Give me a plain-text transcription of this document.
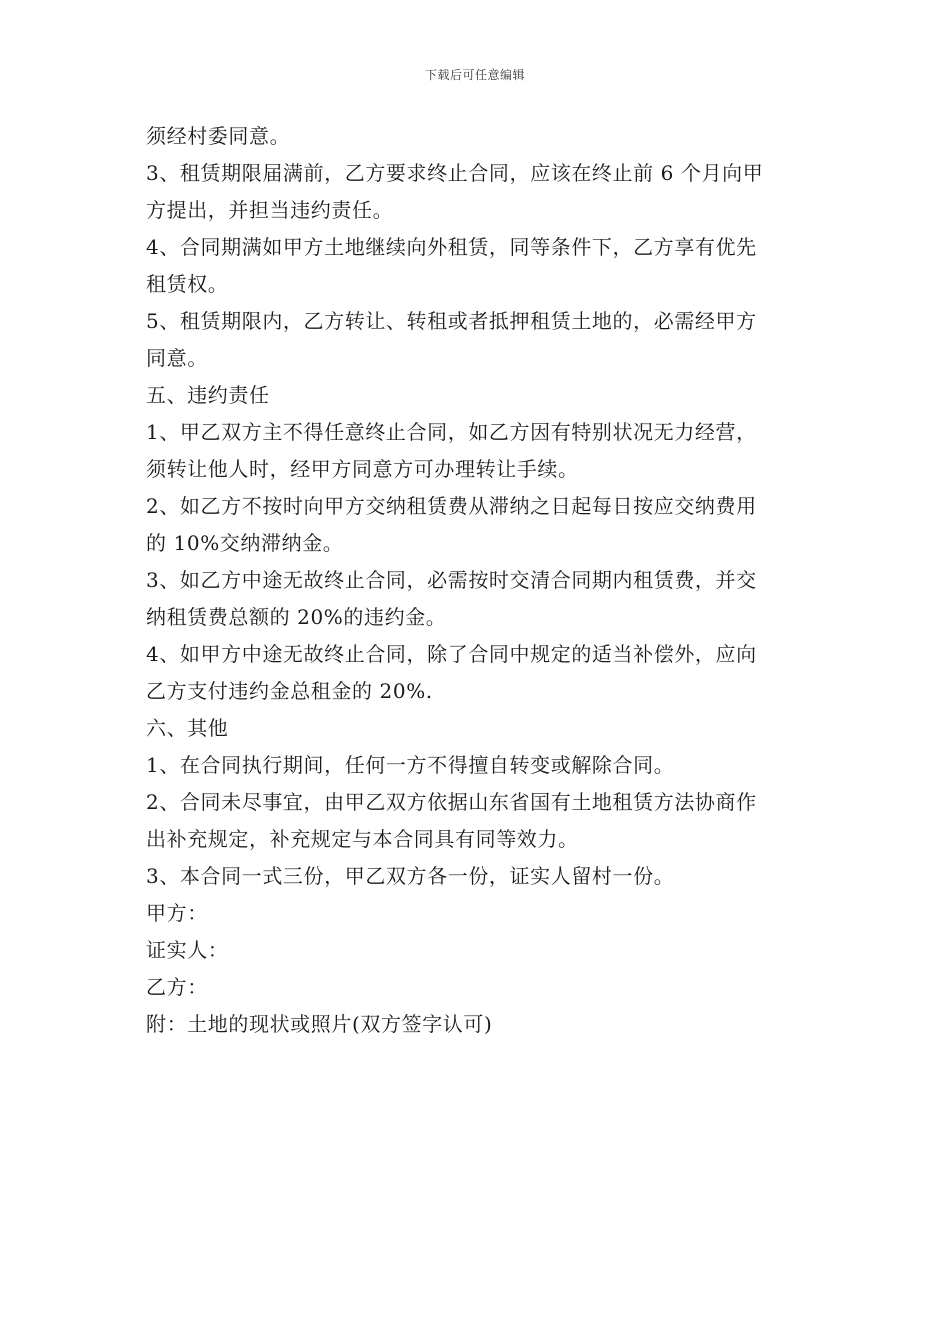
下载后可任意编辑
须经村委同意。
3、租赁期限届满前，乙方要求终止合同，应该在终止前 6 个月向甲
方提出，并担当违约责任。
4、合同期满如甲方土地继续向外租赁，同等条件下，乙方享有优先
租赁权。
5、租赁期限内，乙方转让、转租或者抵押租赁土地的，必需经甲方
同意。
五、违约责任
1、甲乙双方主不得任意终止合同，如乙方因有特别状况无力经营，
须转让他人时，经甲方同意方可办理转让手续。
2、如乙方不按时向甲方交纳租赁费从滞纳之日起每日按应交纳费用
的 10%交纳滞纳金。
3、如乙方中途无故终止合同，必需按时交清合同期内租赁费，并交
纳租赁费总额的 20%的违约金。
4、如甲方中途无故终止合同，除了合同中规定的适当补偿外，应向
乙方支付违约金总租金的 20%.
六、其他
1、在合同执行期间，任何一方不得擅自转变或解除合同。
2、合同未尽事宜，由甲乙双方依据山东省国有土地租赁方法协商作
出补充规定，补充规定与本合同具有同等效力。
3、本合同一式三份，甲乙双方各一份，证实人留村一份。
甲方：
证实人：
乙方：
附：土地的现状或照片(双方签字认可)
